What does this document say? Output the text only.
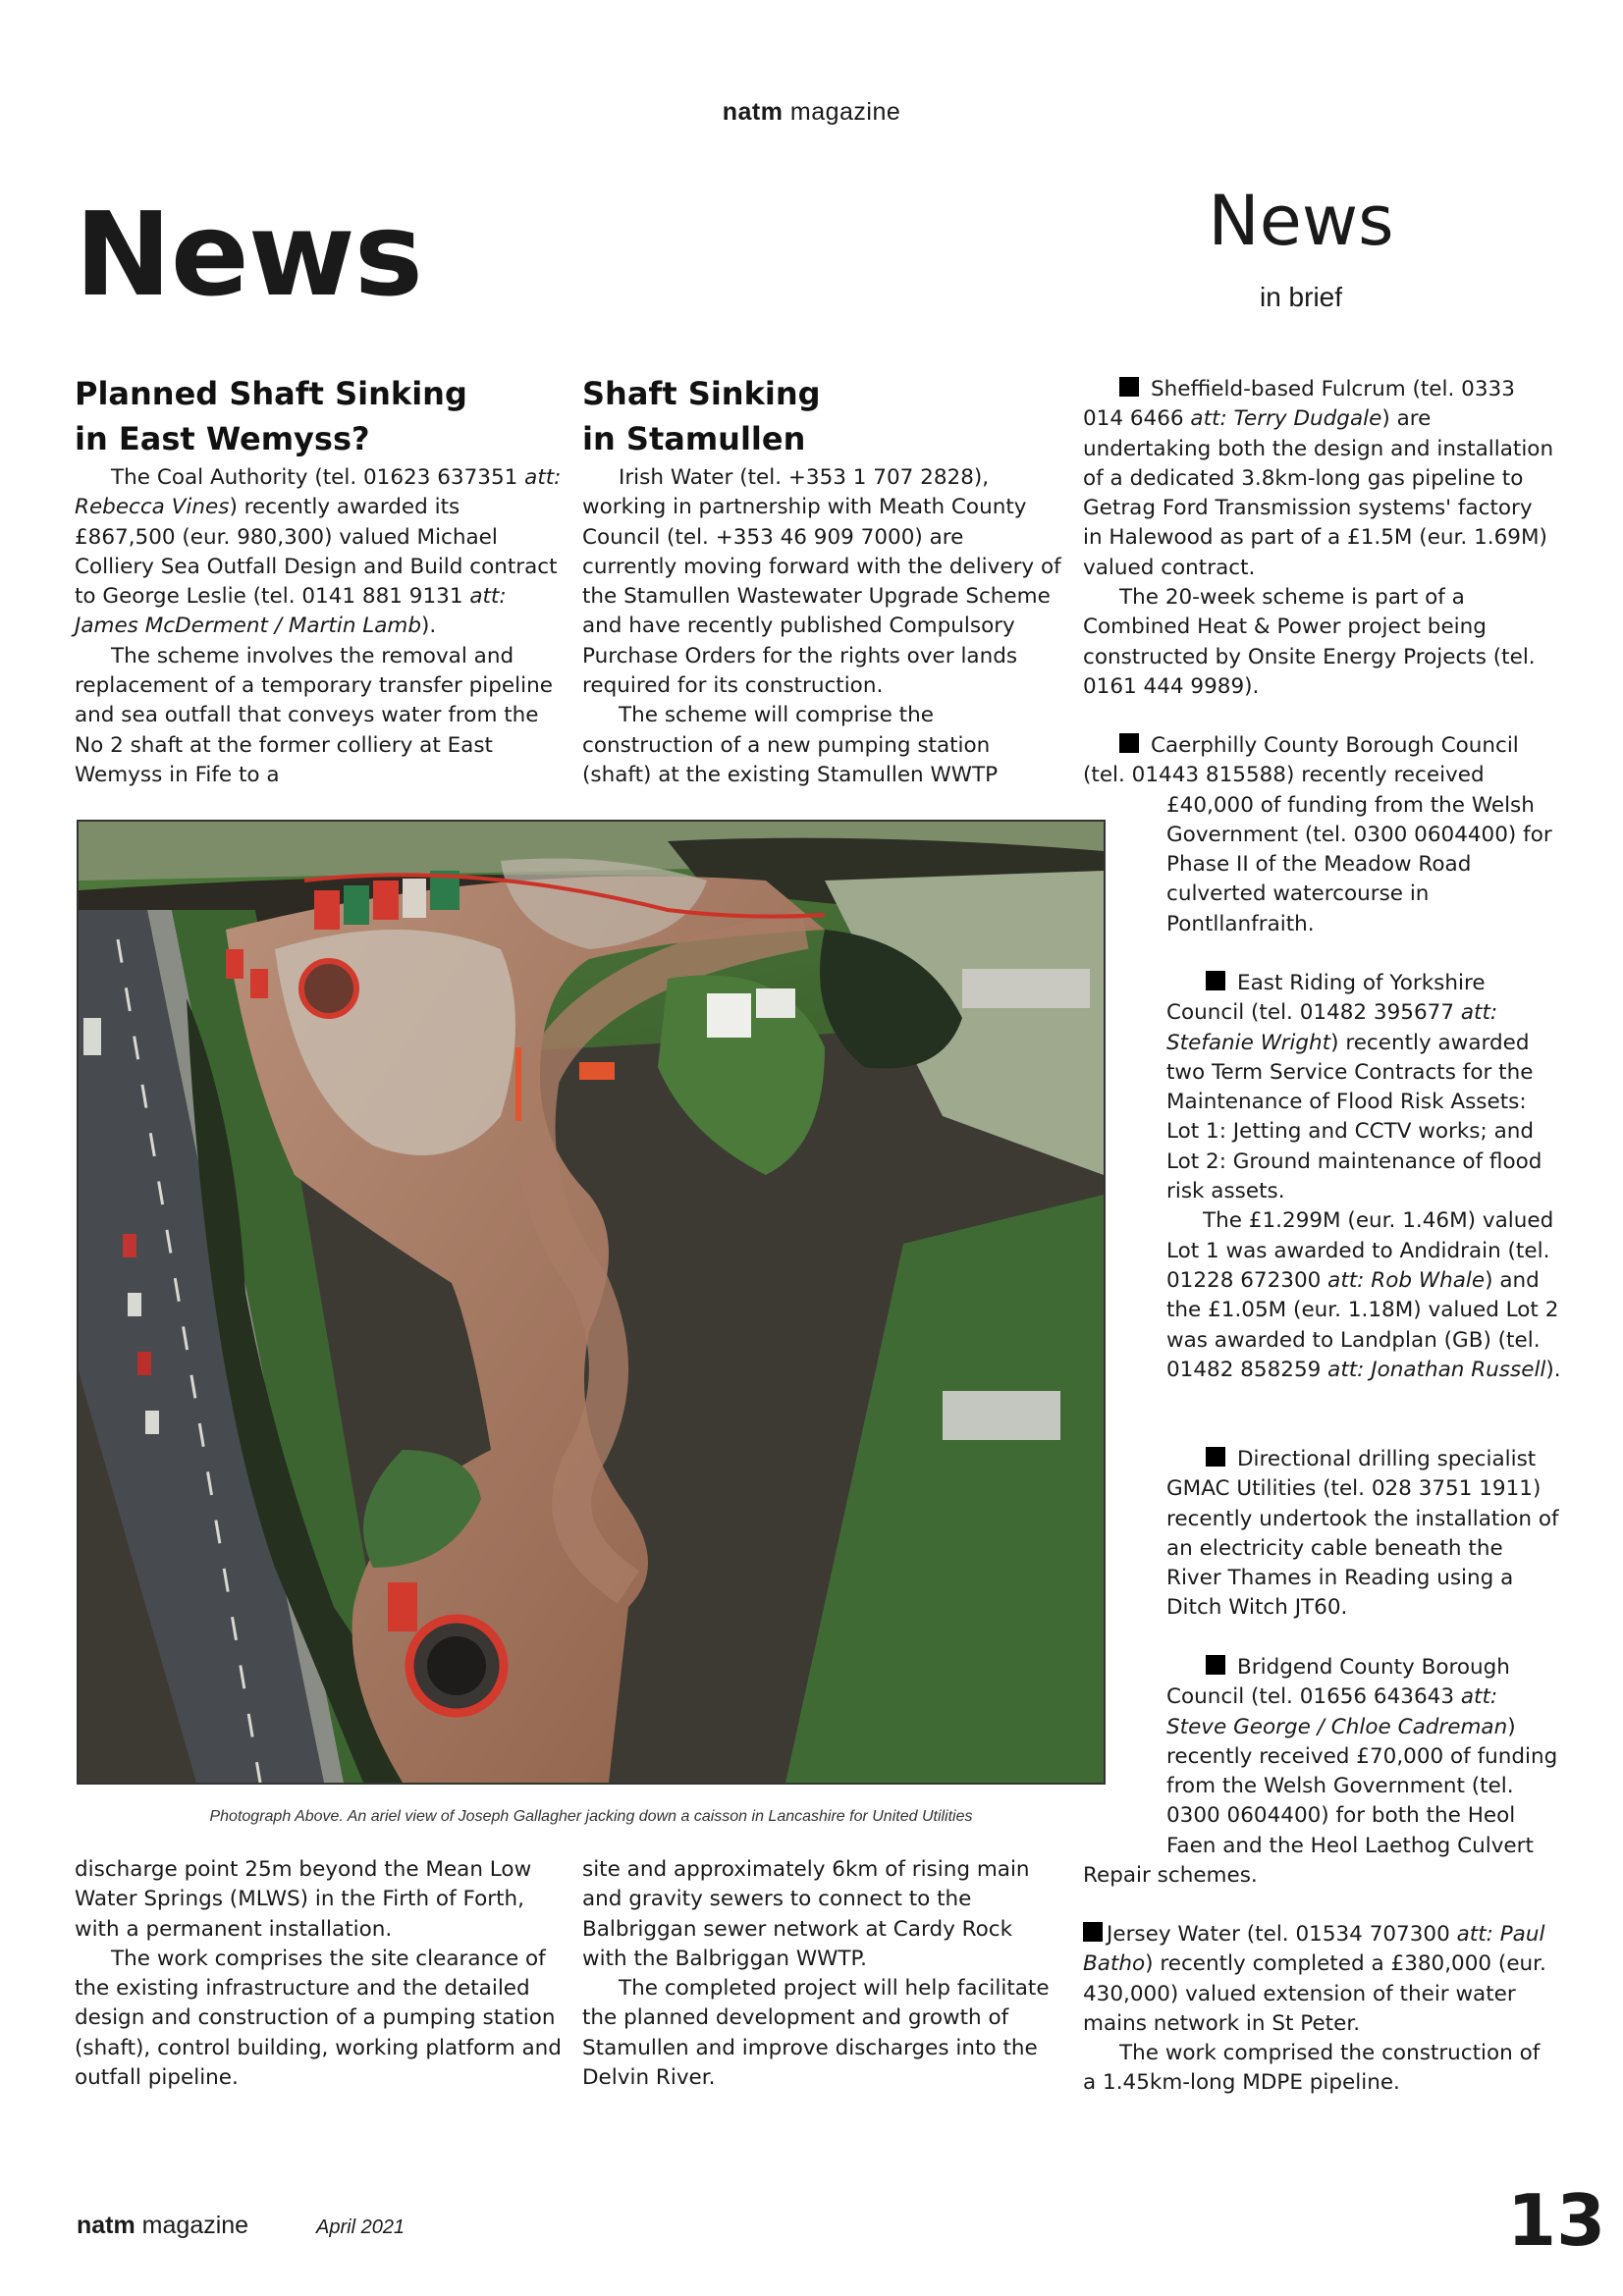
natm magazine
News	News
in brief
Planned Shaft Sinking
in East Wemyss?

The Coal Authority (tel. 01623 637351 att: Rebecca Vines) recently awarded its £867,500 (eur. 980,300) valued Michael Colliery Sea Outfall Design and Build contract to George Leslie (tel. 0141 881 9131 att: James McDerment / Martin Lamb).

The scheme involves the removal and replacement of a temporary transfer pipeline and sea outfall that conveys water from the No 2 shaft at the former colliery at East Wemyss in Fife to a

Shaft Sinking
in Stamullen

Irish Water (tel. +353 1 707 2828), working in partnership with Meath County Council (tel. +353 46 909 7000) are currently moving forward with the delivery of the Stamullen Wastewater Upgrade Scheme and have recently published Compulsory Purchase Orders for the rights over lands required for its construction.

The scheme will comprise the construction of a new pumping station (shaft) at the existing Stamullen WWTP

Photograph Above. An ariel view of Joseph Gallagher jacking down a caisson in Lancashire for United Utilities

discharge point 25m beyond the Mean Low Water Springs (MLWS) in the Firth of Forth, with a permanent installation.

The work comprises the site clearance of the existing infrastructure and the detailed design and construction of a pumping station (shaft), control building, working platform and outfall pipeline.

site and approximately 6km of rising main and gravity sewers to connect to the Balbriggan sewer network at Cardy Rock with the Balbriggan WWTP.

The completed project will help facilitate the planned development and growth of Stamullen and improve discharges into the Delvin River.

Sheffield-based Fulcrum (tel. 0333 014 6466 att: Terry Dudgale) are undertaking both the design and installation of a dedicated 3.8km-long gas pipeline to Getrag Ford Transmission systems' factory in Halewood as part of a £1.5M (eur. 1.69M) valued contract.

The 20-week scheme is part of a Combined Heat & Power project being constructed by Onsite Energy Projects (tel. 0161 444 9989).

Caerphilly County Borough Council

(tel. 01443 815588) recently received

£40,000 of funding from the Welsh Government (tel. 0300 0604400) for Phase II of the Meadow Road culverted watercourse in Pontllanfraith.

East Riding of Yorkshire Council (tel. 01482 395677 att: Stefanie Wright) recently awarded two Term Service Contracts for the Maintenance of Flood Risk Assets: Lot 1: Jetting and CCTV works; and Lot 2: Ground maintenance of flood risk assets.

The £1.299M (eur. 1.46M) valued Lot 1 was awarded to Andidrain (tel. 01228 672300 att: Rob Whale) and the £1.05M (eur. 1.18M) valued Lot 2 was awarded to Landplan (GB) (tel. 01482 858259 att: Jonathan Russell).

Directional drilling specialist GMAC Utilities (tel. 028 3751 1911) recently undertook the installation of an electricity cable beneath the River Thames in Reading using a Ditch Witch JT60.

Bridgend County Borough Council (tel. 01656 643643 att: Steve George / Chloe Cadreman) recently received £70,000 of funding from the Welsh Government (tel. 0300 0604400) for both the Heol Faen and the Heol Laethog Culvert

Repair schemes.

Jersey Water (tel. 01534 707300 att: Paul Batho) recently completed a £380,000 (eur. 430,000) valued extension of their water mains network in St Peter.

The work comprised the construction of a 1.45km-long MDPE pipeline.

natm magazine	April 2021	13
